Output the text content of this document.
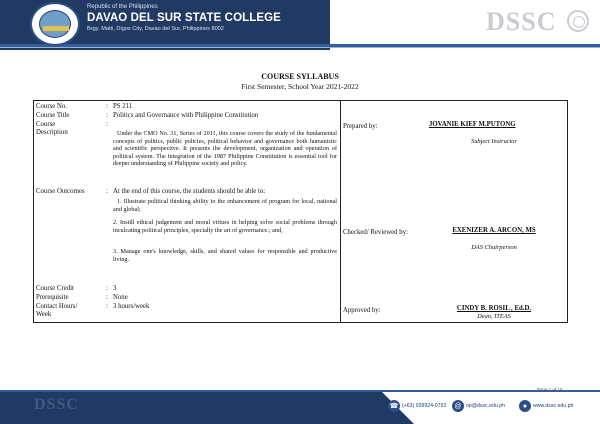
Republic of the Philippines
DAVAO DEL SUR STATE COLLEGE
Brgy. Matti, Digos City, Davao del Sur, Philippines 8002	DSSC
COURSE SYLLABUS
First Semester, School Year 2021-2022
Course No.	: PS 211
Course Title	: Politics and Governance with Philippine Constitution
Course	:
Description	Under the CMO No. 31, Series of 2011, this course covers the study of the fundamental concepts of politics, public policies, political behavior and governance both humanistic and scientific perspective. It presents the development, organization and operation of political system. The integration of the 1987 Philippine Constitution is essential tool for deeper understanding of Philippine society and policy.
Course Outcomes	: At the end of this course, the students should be able to:
1. Illustrate political thinking ability to the enhancement of program for local, national and global;
2. Instill ethical judgement and moral virtues in helping solve social problems through inculcating political principles, specially the art of governance.; and,
3. Manage one's knowledge, skills, and shared values for responsible and productive living.
Course Credit	: 3
Prerequisite	: None
Contact Hours/	: 3 hours/week
Week
Prepared by:	JOVANIE KIEF M.PUTONG
Subject Instructor
Checked/ Reviewed by:	EXENIZER A. ARCON, MS
DAS Chairperson
Approved by:	CINDY B. ROSIL , Ed.D.
Dean, ITEAS
DSSC
Page 1 of 16
☎ (+63) 939924-0793	@ op@dssc.edu.ph	●	www.dssc.edu.ph
